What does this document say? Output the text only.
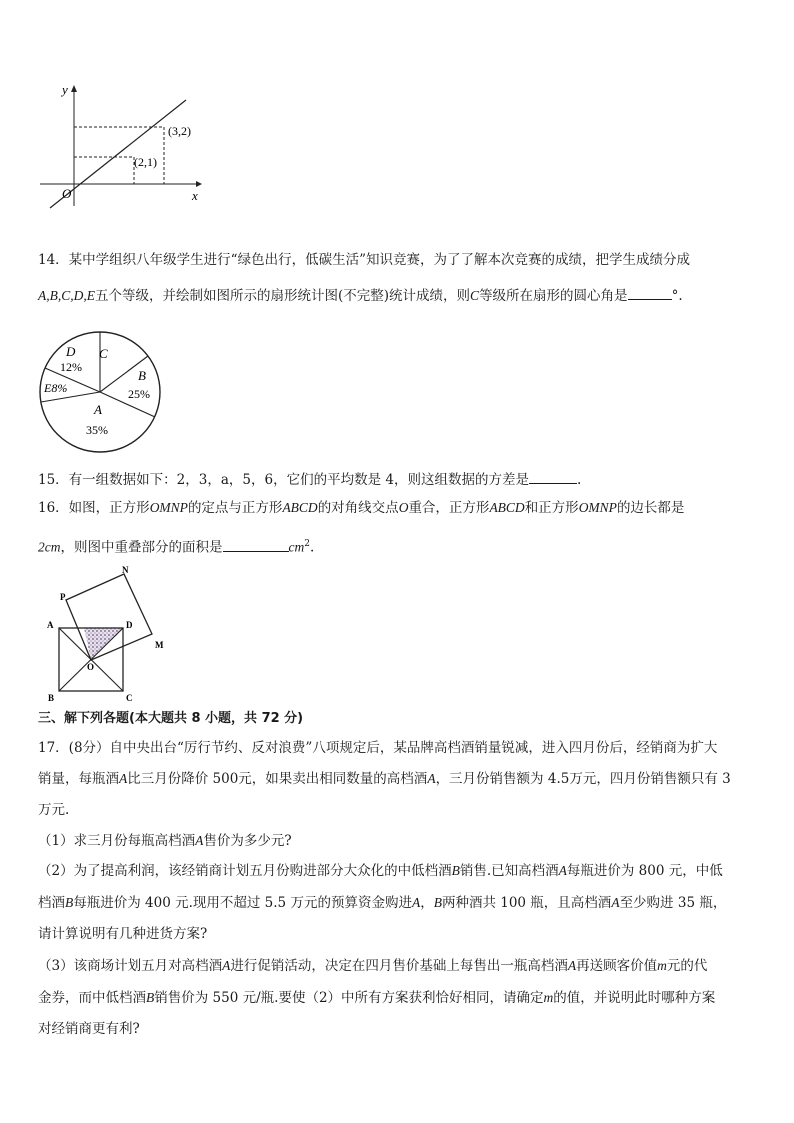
y
x
O
(3,2)
(2,1)
14．某中学组织八年级学生进行“绿色出行，低碳生活”知识竞赛，为了了解本次竞赛的成绩，把学生成绩分成
A,B,C,D,E五个等级，并绘制如图所示的扇形统计图(不完整)统计成绩，则C等级所在扇形的圆心角是	°.
D
12%
C
B
25%
E8%
A
35%
15．有一组数据如下：2，3，a，5，6，它们的平均数是 4，则这组数据的方差是	.
16．如图，正方形OMNP的定点与正方形ABCD的对角线交点O重合，正方形ABCD和正方形OMNP的边长都是
2cm，则图中重叠部分的面积是	$cm^2$.
P
N
A	D
M
O
B	C
三、解下列各题(本大题共 8 小题，共 72 分)
17．(8分）自中央出台“厉行节约、反对浪费”八项规定后，某品牌高档酒销量锐减，进入四月份后，经销商为扩大
销量，每瓶酒A比三月份降价 500元，如果卖出相同数量的高档酒A，三月份销售额为 4.5万元，四月份销售额只有 3
万元.
（1）求三月份每瓶高档酒A售价为多少元?
（2）为了提高利润，该经销商计划五月份购进部分大众化的中低档酒B销售.已知高档酒A每瓶进价为 800 元，中低
档酒B每瓶进价为 400 元.现用不超过 5.5 万元的预算资金购进A，B两种酒共 100 瓶，且高档酒A至少购进 35 瓶，
请计算说明有几种进货方案?
（3）该商场计划五月对高档酒A进行促销活动，决定在四月售价基础上每售出一瓶高档酒A再送顾客价值m元的代
金券，而中低档酒B销售价为 550 元/瓶.要使（2）中所有方案获利恰好相同，请确定m的值，并说明此时哪种方案
对经销商更有利?
